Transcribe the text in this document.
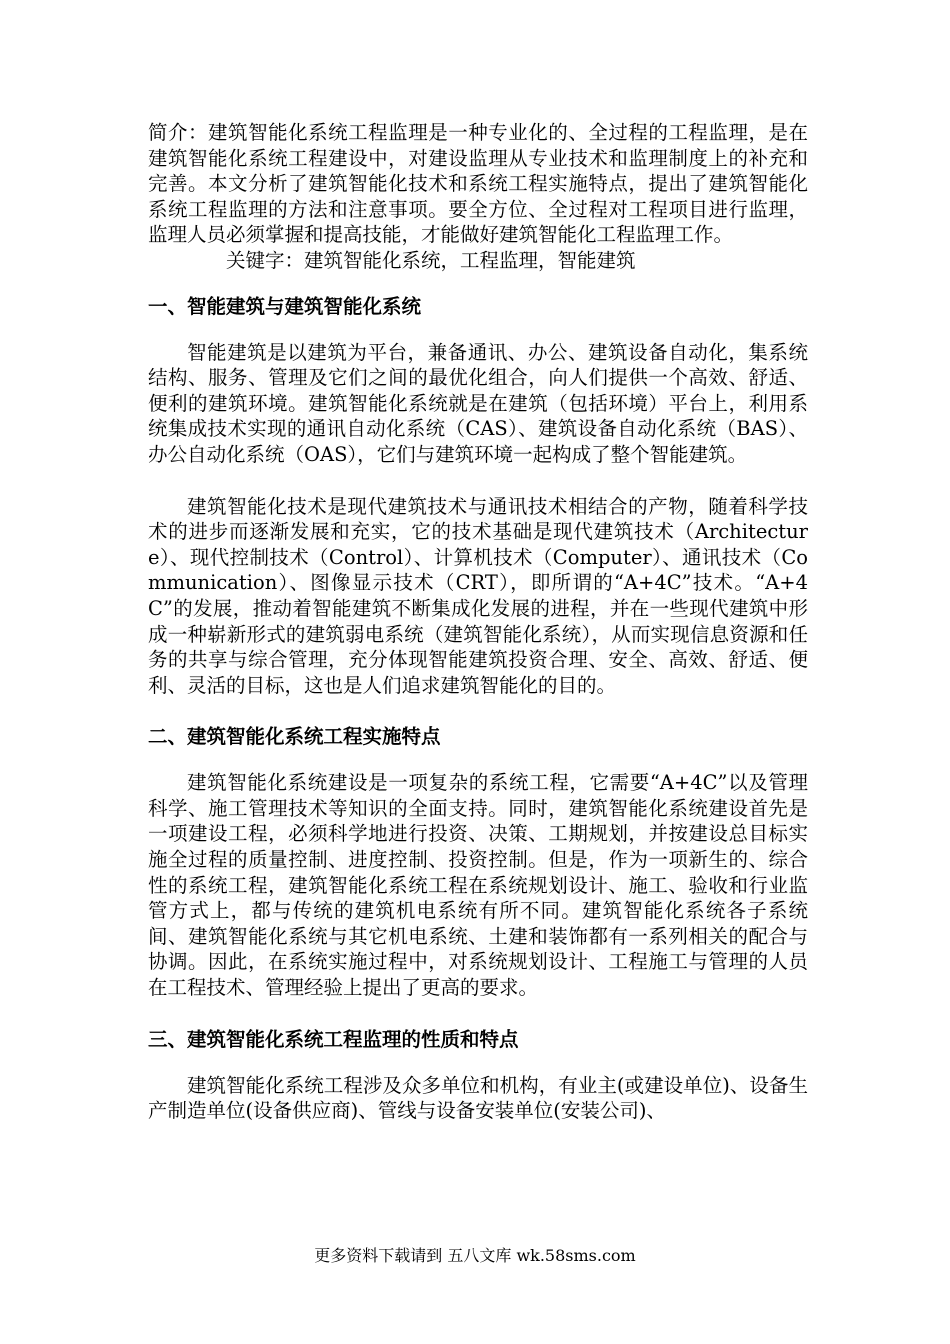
简介：建筑智能化系统工程监理是一种专业化的、全过程的工程监理，是在建筑智能化系统工程建设中，对建设监理从专业技术和监理制度上的补充和完善。本文分析了建筑智能化技术和系统工程实施特点，提出了建筑智能化系统工程监理的方法和注意事项。要全方位、全过程对工程项目进行监理，监理人员必须掌握和提高技能，才能做好建筑智能化工程监理工作。

关键字：建筑智能化系统，工程监理，智能建筑

一、智能建筑与建筑智能化系统

智能建筑是以建筑为平台，兼备通讯、办公、建筑设备自动化，集系统结构、服务、管理及它们之间的最优化组合，向人们提供一个高效、舒适、便利的建筑环境。建筑智能化系统就是在建筑（包括环境）平台上，利用系统集成技术实现的通讯自动化系统（CAS）、建筑设备自动化系统（BAS）、办公自动化系统（OAS），它们与建筑环境一起构成了整个智能建筑。

建筑智能化技术是现代建筑技术与通讯技术相结合的产物，随着科学技术的进步而逐渐发展和充实，它的技术基础是现代建筑技术（Architecture）、现代控制技术（Control）、计算机技术（Computer）、通讯技术（Communication）、图像显示技术（CRT），即所谓的“A+4C”技术。“A+4C”的发展，推动着智能建筑不断集成化发展的进程，并在一些现代建筑中形成一种崭新形式的建筑弱电系统（建筑智能化系统），从而实现信息资源和任务的共享与综合管理，充分体现智能建筑投资合理、安全、高效、舒适、便利、灵活的目标，这也是人们追求建筑智能化的目的。

二、建筑智能化系统工程实施特点

建筑智能化系统建设是一项复杂的系统工程，它需要“A+4C”以及管理科学、施工管理技术等知识的全面支持。同时，建筑智能化系统建设首先是一项建设工程，必须科学地进行投资、决策、工期规划，并按建设总目标实施全过程的质量控制、进度控制、投资控制。但是，作为一项新生的、综合性的系统工程，建筑智能化系统工程在系统规划设计、施工、验收和行业监管方式上，都与传统的建筑机电系统有所不同。建筑智能化系统各子系统间、建筑智能化系统与其它机电系统、土建和装饰都有一系列相关的配合与协调。因此，在系统实施过程中，对系统规划设计、工程施工与管理的人员在工程技术、管理经验上提出了更高的要求。

三、建筑智能化系统工程监理的性质和特点

建筑智能化系统工程涉及众多单位和机构，有业主(或建设单位)、设备生产制造单位(设备供应商)、管线与设备安装单位(安装公司)、

更多资料下载请到 五八文库 wk.58sms.com
